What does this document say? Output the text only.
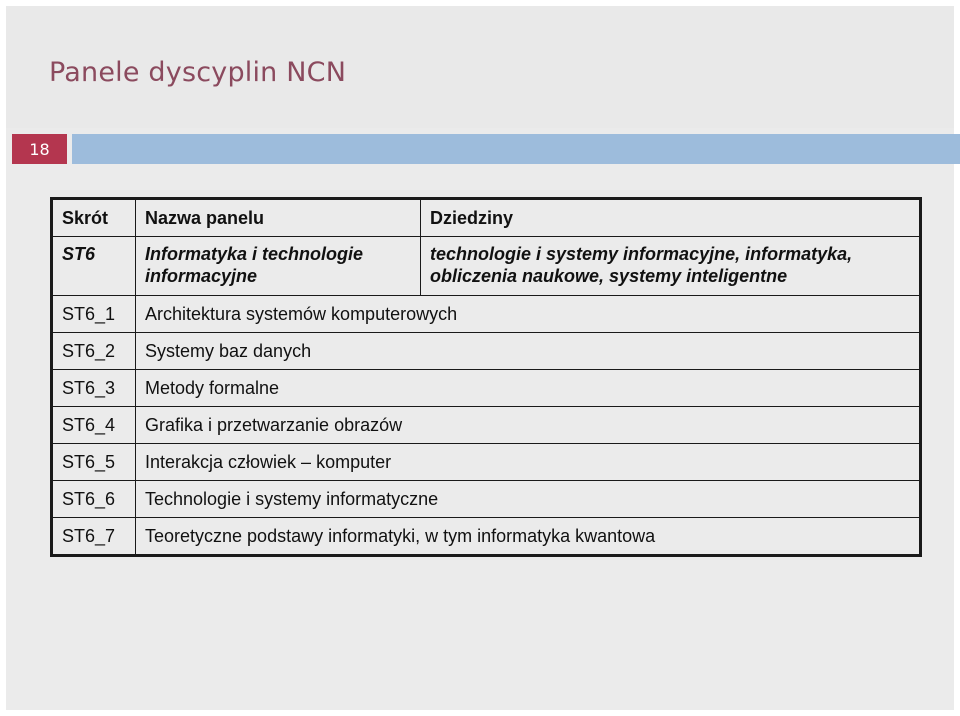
Panele dyscyplin NCN
18
Skrót	Nazwa panelu	Dziedziny
ST6	Informatyka i technologie informacyjne	technologie i systemy informacyjne, informatyka, obliczenia naukowe, systemy inteligentne
ST6_1	Architektura systemów komputerowych	
ST6_2	Systemy baz danych	
ST6_3	Metody formalne	
ST6_4	Grafika i przetwarzanie obrazów	
ST6_5	Interakcja człowiek – komputer	
ST6_6	Technologie i systemy informatyczne	
ST6_7	Teoretyczne podstawy informatyki, w tym informatyka kwantowa	
